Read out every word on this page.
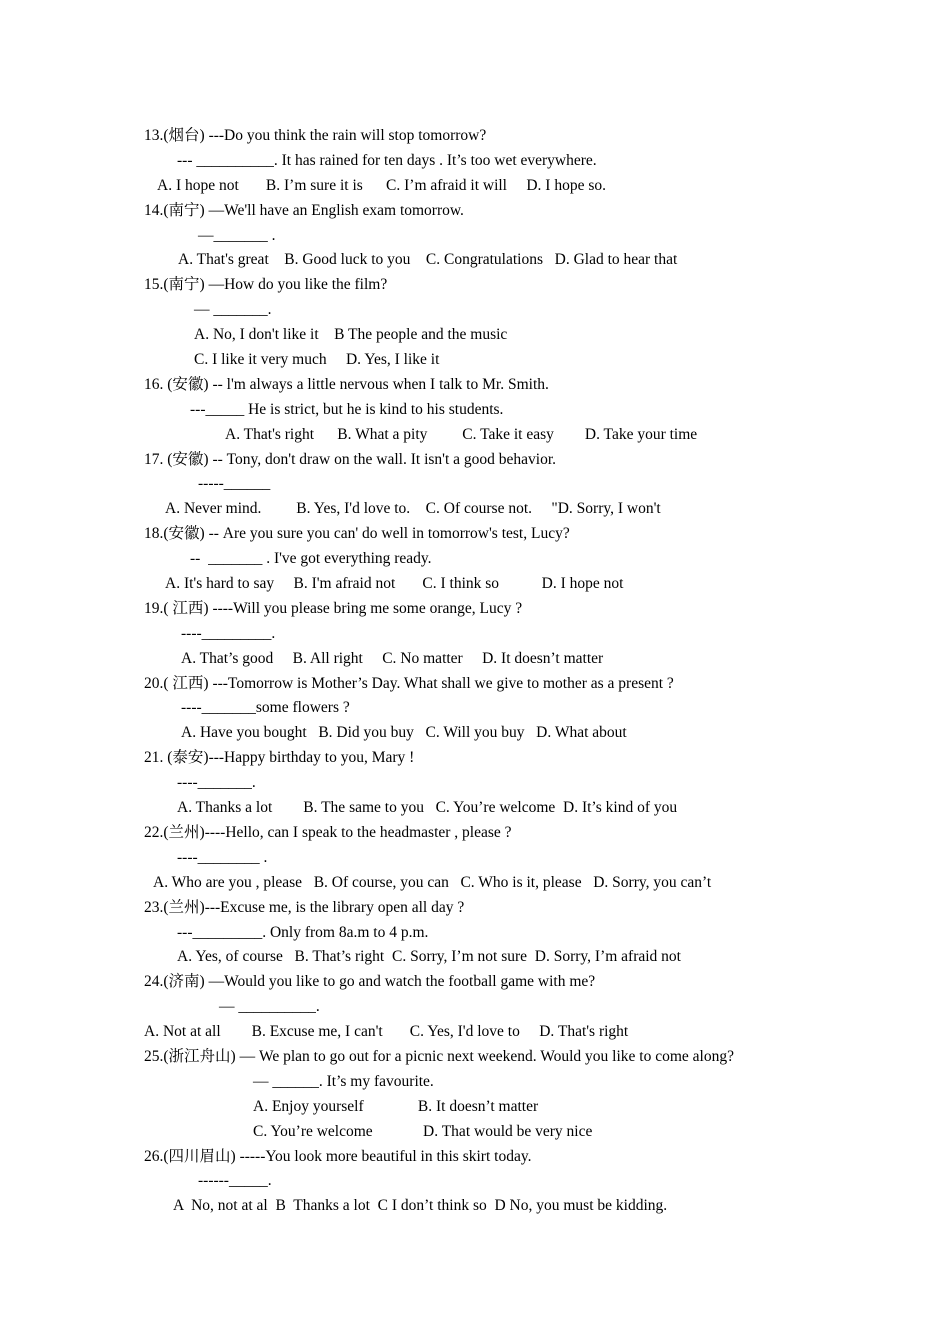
13.(烟台) ---Do you think the rain will stop tomorrow?
--- __________. It has rained for ten days . It’s too wet everywhere.
A. I hope not       B. I’m sure it is      C. I’m afraid it will     D. I hope so.
14.(南宁) —We'll have an English exam tomorrow.
—_______ .
A. That's great    B. Good luck to you    C. Congratulations   D. Glad to hear that
15.(南宁) —How do you like the film?
— _______.
A. No, I don't like it    B The people and the music
C. I like it very much     D. Yes, I like it
16. (安徽) -- l'm always a little nervous when I talk to Mr. Smith.
---_____ He is strict, but he is kind to his students.
A. That's right      B. What a pity         C. Take it easy        D. Take your time
17. (安徽) -- Tony, don't draw on the wall. It isn't a good behavior.
-----______
A. Never mind.         B. Yes, I'd love to.    C. Of course not.     "D. Sorry, I won't
18.(安徽) -- Are you sure you can' do well in tomorrow's test, Lucy?
--  _______ . I've got everything ready.
A. It's hard to say     B. I'm afraid not       C. I think so           D. I hope not
19.( 江西) ----Will you please bring me some orange, Lucy ?
----_________.
A. That’s good     B. All right     C. No matter     D. It doesn’t matter
20.( 江西) ---Tomorrow is Mother’s Day. What shall we give to mother as a present ?
----_______some flowers ?
A. Have you bought   B. Did you buy   C. Will you buy   D. What about
21. (泰安)---Happy birthday to you, Mary !
----_______.
A. Thanks a lot        B. The same to you   C. You’re welcome  D. It’s kind of you
22.(兰州)----Hello, can I speak to the headmaster , please ?
----________ .
A. Who are you , please   B. Of course, you can   C. Who is it, please   D. Sorry, you can’t
23.(兰州)---Excuse me, is the library open all day ?
---_________. Only from 8a.m to 4 p.m.
A. Yes, of course   B. That’s right  C. Sorry, I’m not sure  D. Sorry, I’m afraid not
24.(济南) —Would you like to go and watch the football game with me?
— __________.
A. Not at all        B. Excuse me, I can't       C. Yes, I'd love to     D. That's right
25.(浙江舟山) — We plan to go out for a picnic next weekend. Would you like to come along?
— ______. It’s my favourite.
A. Enjoy yourself              B. It doesn’t matter
C. You’re welcome             D. That would be very nice
26.(四川眉山) -----You look more beautiful in this skirt today.
------_____.
A  No, not at al  B  Thanks a lot  C I don’t think so  D No, you must be kidding.
